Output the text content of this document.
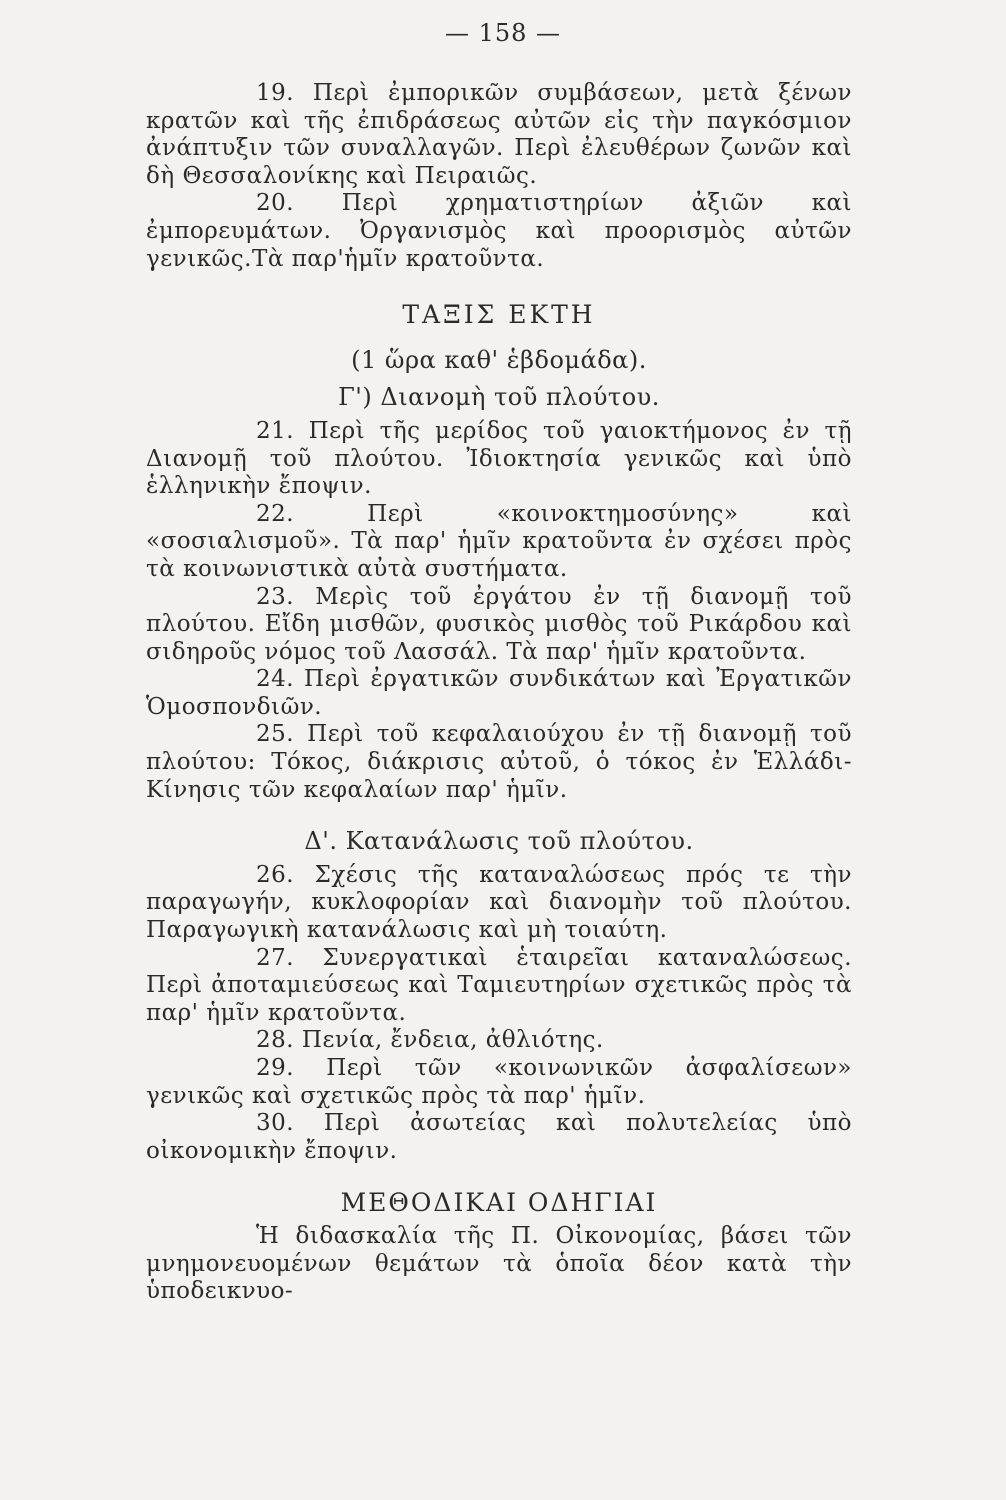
— 158 —

19. Περὶ ἐμπορικῶν συμβάσεων, μετὰ ξένων κρατῶν καὶ τῆς ἐπιδράσεως αὐτῶν εἰς τὴν παγκόσμιον ἀνάπτυξιν τῶν συναλλαγῶν. Περὶ ἐλευθέρων ζωνῶν καὶ δὴ Θεσσαλονίκης καὶ Πειραιῶς.

20. Περὶ χρηματιστηρίων ἀξιῶν καὶ ἐμπορευμάτων. Ὀργανισμὸς καὶ προορισμὸς αὐτῶν γενικῶς.Τὰ παρ'ἡμῖν κρατοῦντα.

ΤΑΞΙΣ ΕΚΤΗ

(1 ὥρα καθ' ἑβδομάδα).

Γ') Διανομὴ τοῦ πλούτου.

21. Περὶ τῆς μερίδος τοῦ γαιοκτήμονος ἐν τῇ Διανομῇ τοῦ πλούτου. Ἰδιοκτησία γενικῶς καὶ ὑπὸ ἑλληνικὴν ἔποψιν.

22.	Περὶ «κοινοκτημοσύνης» καὶ «σοσιαλισμοῦ». Τὰ παρ' ἡμῖν κρατοῦντα ἐν σχέσει πρὸς τὰ κοινωνιστικὰ αὐτὰ συστήματα.

23. Μερὶς τοῦ ἐργάτου ἐν τῇ διανομῇ τοῦ πλούτου. Εἴδη μισθῶν, φυσικὸς μισθὸς τοῦ Ρικάρδου καὶ σιδηροῦς νόμος τοῦ Λασσάλ. Τὰ παρ' ἡμῖν κρατοῦντα.

24. Περὶ ἐργατικῶν συνδικάτων καὶ Ἐργατικῶν Ὁμοσπονδιῶν.

25. Περὶ τοῦ κεφαλαιούχου ἐν τῇ διανομῇ τοῦ πλούτου: Τόκος, διάκρισις αὐτοῦ, ὁ τόκος ἐν Ἑλλάδι-Κίνησις τῶν κεφαλαίων παρ' ἡμῖν.

Δ'. Κατανάλωσις τοῦ πλούτου.

26. Σχέσις τῆς καταναλώσεως πρός τε τὴν παραγωγήν, κυκλοφορίαν καὶ διανομὴν τοῦ πλούτου. Παραγωγικὴ κατανάλωσις καὶ μὴ τοιαύτη.

27. Συνεργατικαὶ ἑταιρεῖαι καταναλώσεως. Περὶ ἀποταμιεύσεως καὶ Ταμιευτηρίων σχετικῶς πρὸς τὰ παρ' ἡμῖν κρατοῦντα.

28. Πενία, ἔνδεια, ἀθλιότης.

29. Περὶ τῶν «κοινωνικῶν ἀσφαλίσεων» γενικῶς καὶ σχετικῶς πρὸς τὰ παρ' ἡμῖν.

30. Περὶ ἀσωτείας καὶ πολυτελείας ὑπὸ οἰκονομικὴν ἔποψιν.

ΜΕΘΟΔΙΚΑΙ ΟΔΗΓΙΑΙ

Ἡ διδασκαλία τῆς Π. Οἰκονομίας, βάσει τῶν μνημονευομένων θεμάτων τὰ ὁποῖα δέον κατὰ τὴν ὑποδεικνυο-
